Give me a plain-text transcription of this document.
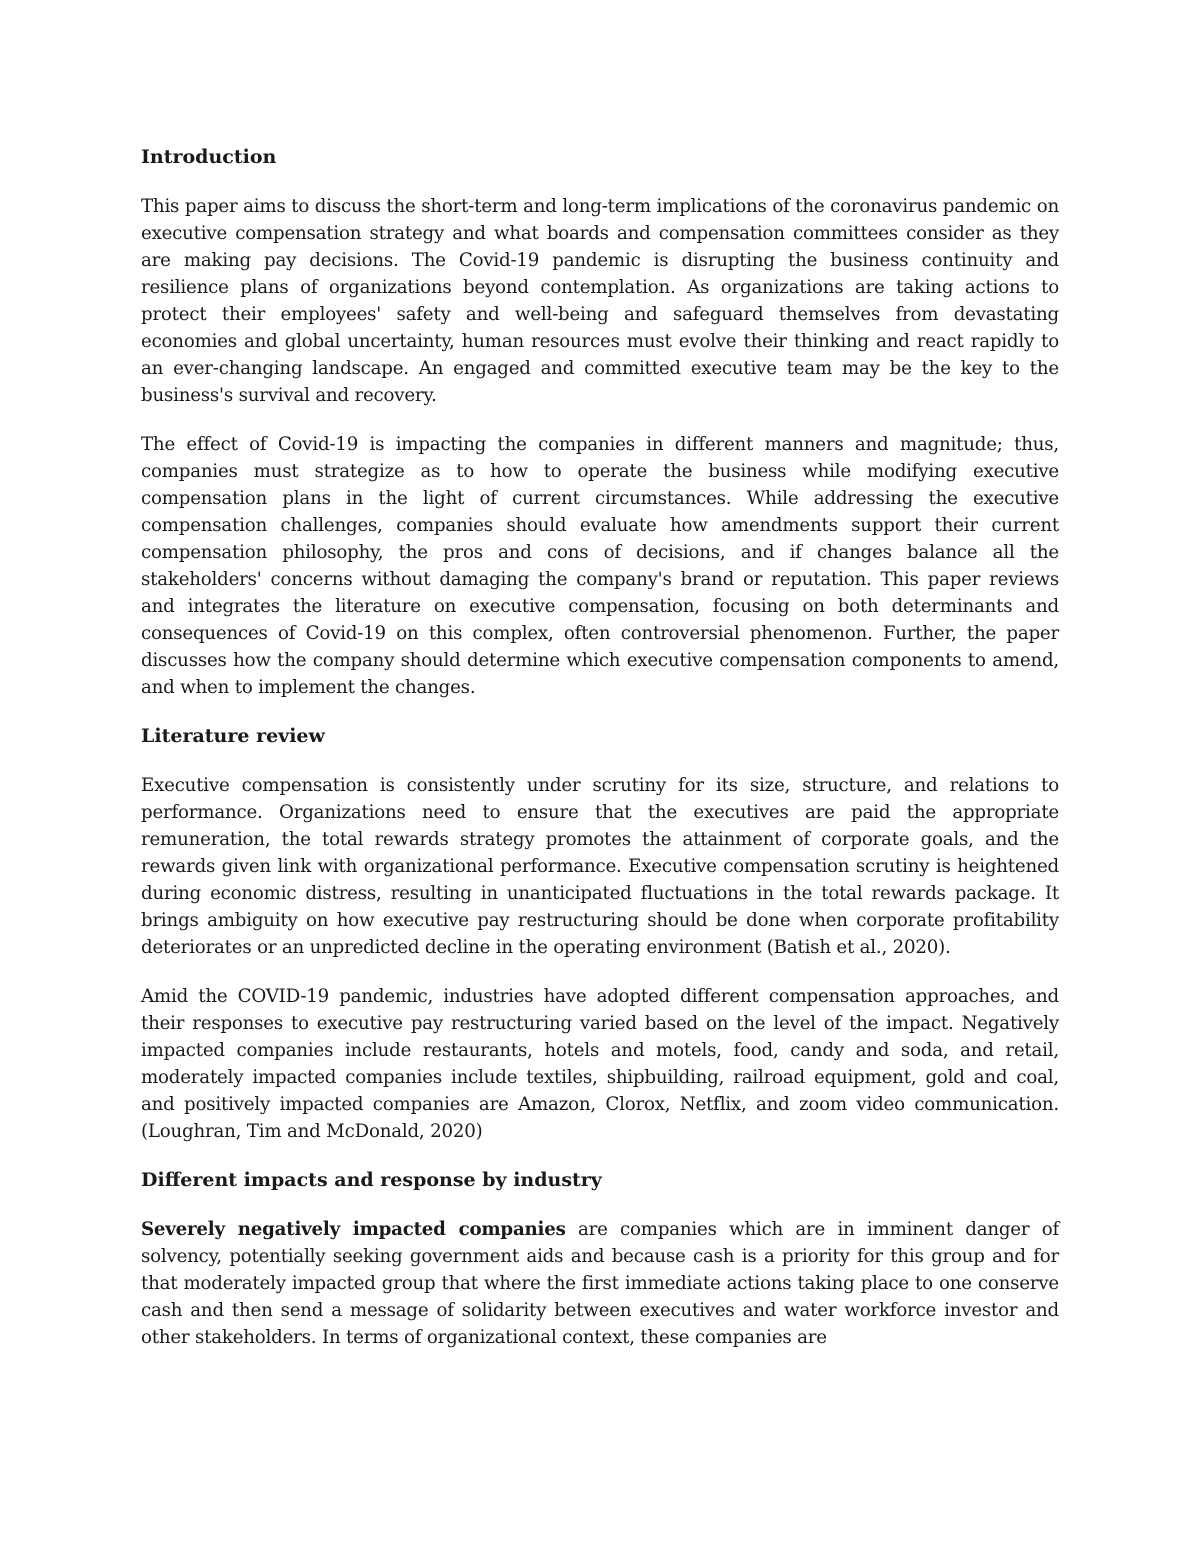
Introduction

This paper aims to discuss the short-term and long-term implications of the coronavirus pandemic on executive compensation strategy and what boards and compensation committees consider as they are making pay decisions. The Covid-19 pandemic is disrupting the business continuity and resilience plans of organizations beyond contemplation. As organizations are taking actions to protect their employees' safety and well-being and safeguard themselves from devastating economies and global uncertainty, human resources must evolve their thinking and react rapidly to an ever-changing landscape. An engaged and committed executive team may be the key to the business's survival and recovery.

The effect of Covid-19 is impacting the companies in different manners and magnitude; thus, companies must strategize as to how to operate the business while modifying executive compensation plans in the light of current circumstances. While addressing the executive compensation challenges, companies should evaluate how amendments support their current compensation philosophy, the pros and cons of decisions, and if changes balance all the stakeholders' concerns without damaging the company's brand or reputation. This paper reviews and integrates the literature on executive compensation, focusing on both determinants and consequences of Covid-19 on this complex, often controversial phenomenon. Further, the paper discusses how the company should determine which executive compensation components to amend, and when to implement the changes.

Literature review

Executive compensation is consistently under scrutiny for its size, structure, and relations to performance. Organizations need to ensure that the executives are paid the appropriate remuneration, the total rewards strategy promotes the attainment of corporate goals, and the rewards given link with organizational performance. Executive compensation scrutiny is heightened during economic distress, resulting in unanticipated fluctuations in the total rewards package. It brings ambiguity on how executive pay restructuring should be done when corporate profitability deteriorates or an unpredicted decline in the operating environment (Batish et al., 2020).

Amid the COVID-19 pandemic, industries have adopted different compensation approaches, and their responses to executive pay restructuring varied based on the level of the impact. Negatively impacted companies include restaurants, hotels and motels, food, candy and soda, and retail, moderately impacted companies include textiles, shipbuilding, railroad equipment, gold and coal, and positively impacted companies are Amazon, Clorox, Netflix, and zoom video communication. (Loughran, Tim and McDonald, 2020)

Different impacts and response by industry

Severely negatively impacted companies are companies which are in imminent danger of solvency, potentially seeking government aids and because cash is a priority for this group and for that moderately impacted group that where the first immediate actions taking place to one conserve cash and then send a message of solidarity between executives and water workforce investor and other stakeholders. In terms of organizational context, these companies are
